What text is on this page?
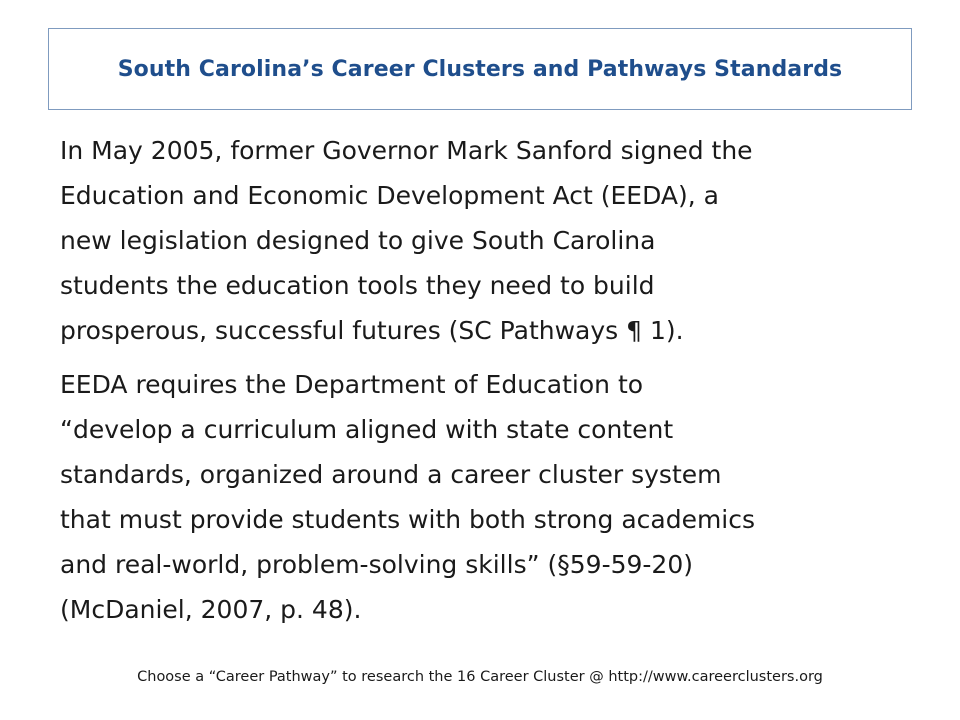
South Carolina’s Career Clusters and Pathways Standards

In May 2005, former Governor Mark Sanford signed the
Education and Economic Development Act (EEDA), a
new legislation designed to give South Carolina
students the education tools they need to build
prosperous, successful futures (SC Pathways ¶ 1).

EEDA requires the Department of Education to
“develop a curriculum aligned with state content
standards, organized around a career cluster system
that must provide students with both strong academics
and real-world, problem-solving skills” (§59-59-20)
(McDaniel, 2007, p. 48).

Choose a “Career Pathway” to research the 16 Career Cluster @ http://www.careerclusters.org
